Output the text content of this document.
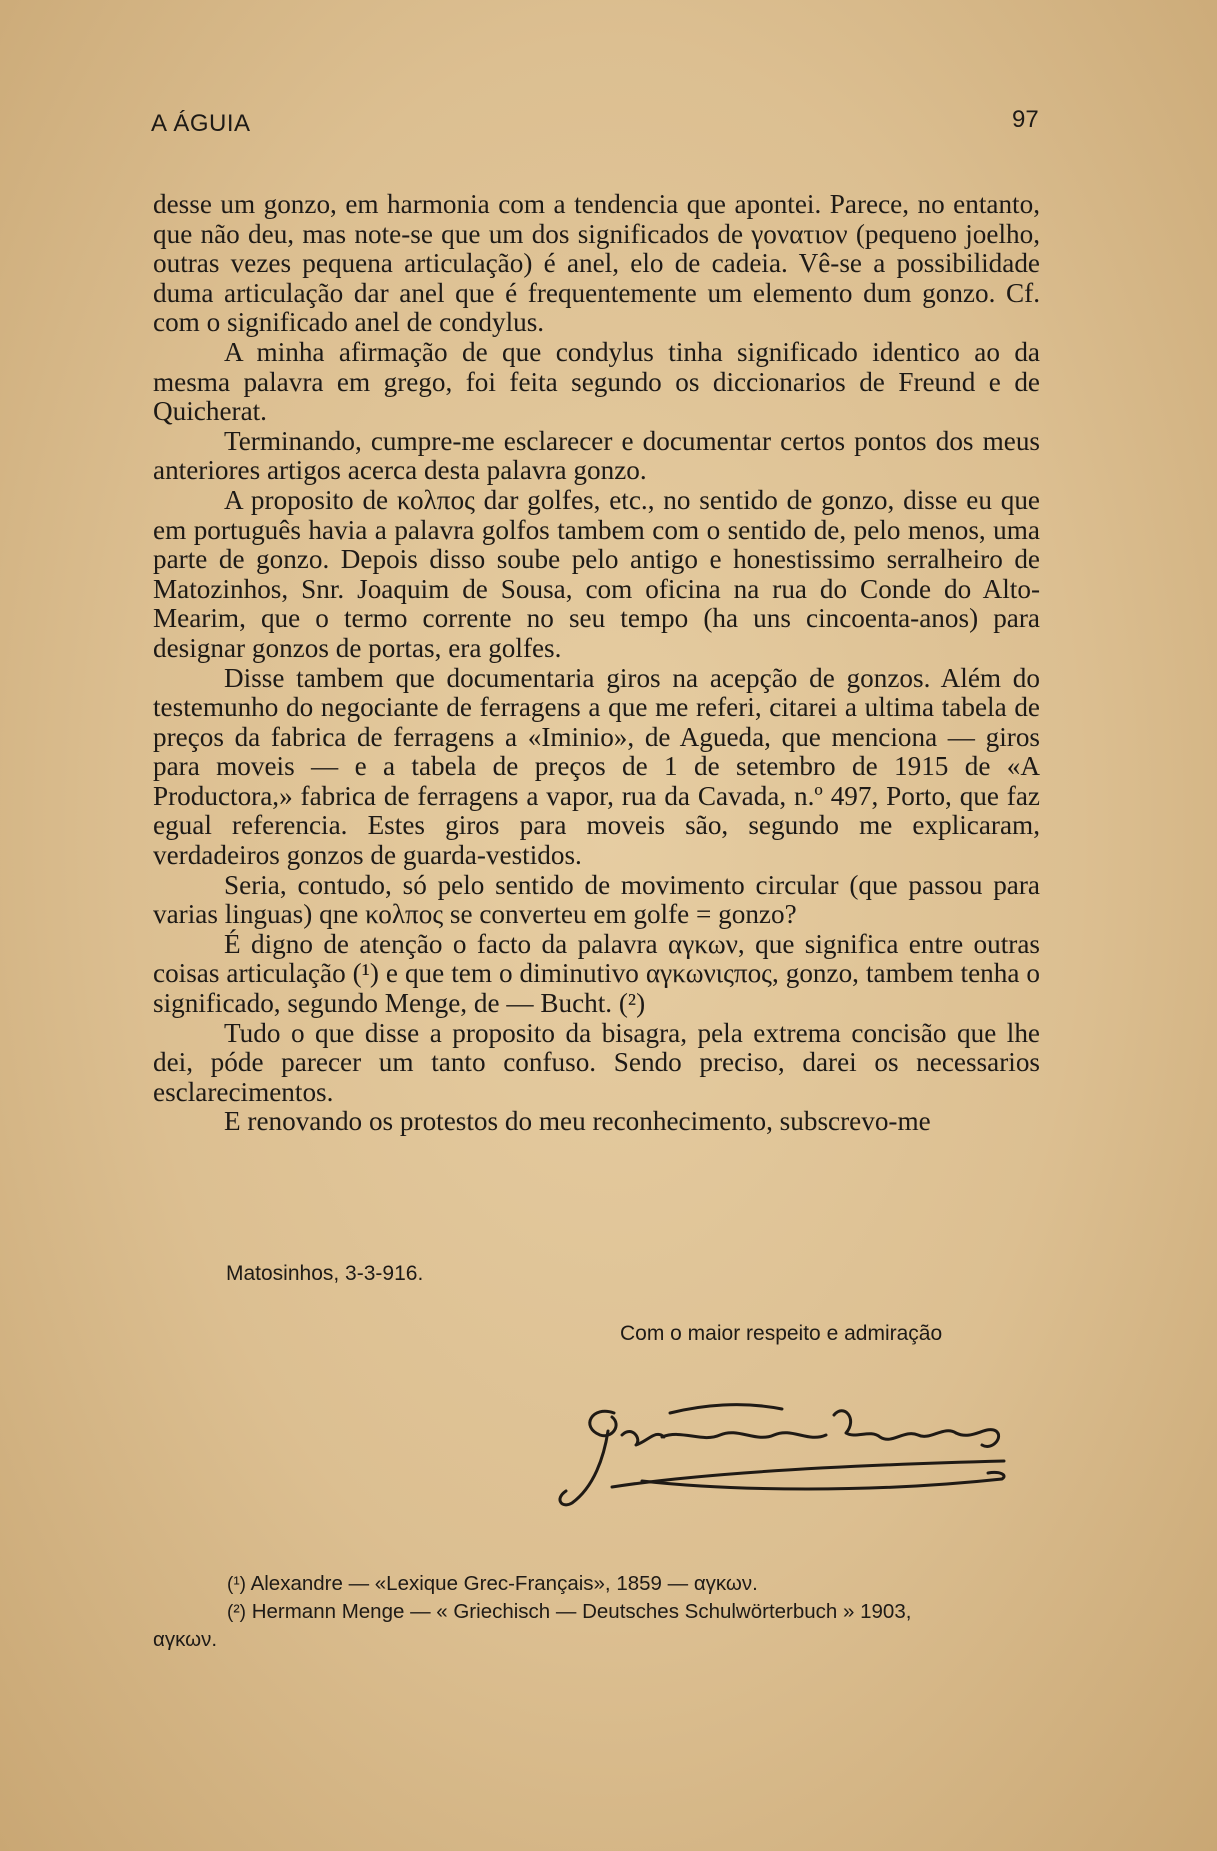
A ÁGUIA	97

desse um gonzo, em harmonia com a tendencia que apontei. Parece, no entanto, que não deu, mas note-se que um dos significados de γονατιον (pequeno joelho, outras vezes pequena articulação) é anel, elo de cadeia. Vê-se a possibilidade duma articulação dar anel que é frequentemente um elemento dum gonzo. Cf. com o significado anel de condylus.

A minha afirmação de que condylus tinha significado identico ao da mesma palavra em grego, foi feita segundo os diccionarios de Freund e de Quicherat.

Terminando, cumpre-me esclarecer e documentar certos pontos dos meus anteriores artigos acerca desta palavra gonzo.

A proposito de κολπος dar golfes, etc., no sentido de gonzo, disse eu que em português havia a palavra golfos tambem com o sentido de, pelo menos, uma parte de gonzo. Depois disso soube pelo antigo e honestissimo serralheiro de Matozinhos, Snr. Joaquim de Sousa, com oficina na rua do Conde do Alto-Mearim, que o termo corrente no seu tempo (ha uns cincoenta-anos) para designar gonzos de portas, era golfes.

Disse tambem que documentaria giros na acepção de gonzos. Além do testemunho do negociante de ferragens a que me referi, citarei a ultima tabela de preços da fabrica de ferragens a «Iminio», de Agueda, que menciona — giros para moveis — e a tabela de preços de 1 de setembro de 1915 de «A Productora,» fabrica de ferragens a vapor, rua da Cavada, n.º 497, Porto, que faz egual referencia. Estes giros para moveis são, segundo me explicaram, verdadeiros gonzos de guarda-vestidos.

Seria, contudo, só pelo sentido de movimento circular (que passou para varias linguas) qne κολπος se converteu em golfe = gonzo?

É digno de atenção o facto da palavra αγκων, que significa entre outras coisas articulação (¹) e que tem o diminutivo αγκωνιςπος, gonzo, tambem tenha o significado, segundo Menge, de — Bucht. (²)

Tudo o que disse a proposito da bisagra, pela extrema concisão que lhe dei, póde parecer um tanto confuso. Sendo preciso, darei os necessarios esclarecimentos.

E renovando os protestos do meu reconhecimento, subscrevo-me

Matosinhos, 3-3-916.
Com o maior respeito e admiração

(¹) Alexandre — «Lexique Grec-Français», 1859 — αγκων.

(²) Hermann Menge — « Griechisch — Deutsches Schulwörterbuch » 1903,

αγκων.
